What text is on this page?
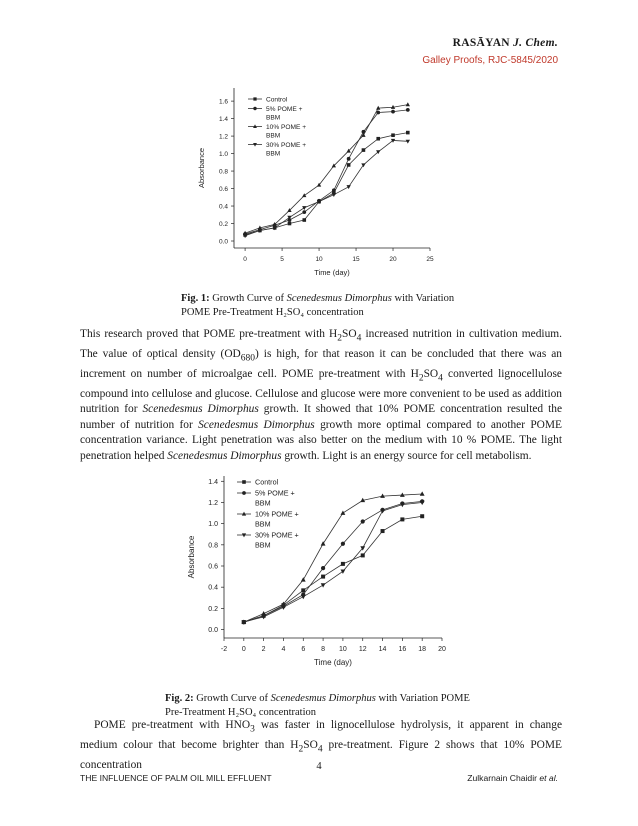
RASĀYAN J. Chem.
Galley Proofs, RJC-5845/2020
0.0
0.2
0.4
0.6
0.8
1.0
1.2
1.4
1.6
0	5	10	15	20	25
Time (day)
Absorbance
Control
5% POME +
BBM
10% POME +
BBM
30% POME +
BBM
Fig. 1: Growth Curve of Scenedesmus Dimorphus with Variation
POME Pre-Treatment H₂SO₄ concentration
This research proved that POME pre-treatment with $H_2SO_4$ increased nutrition in cultivation medium. The value of optical density $(OD_{680})$ is high, for that reason it can be concluded that there was an increment on number of microalgae cell. POME pre-treatment with $H_2SO_4$ converted lignocellulose compound into cellulose and glucose. Cellulose and glucose were more convenient to be used as addition nutrition for Scenedesmus Dimorphus growth. It showed that 10% POME concentration resulted the number of nutrition for Scenedesmus Dimorphus growth more optimal compared to another POME concentration variance. Light penetration was also better on the medium with 10 % POME. The light penetration helped Scenedesmus Dimorphus growth. Light is an energy source for cell metabolism.
0.0
0.2
0.4
0.6
0.8
1.0
1.2
1.4
-2 0 2 4 6 8 10 12 14 16 18 20
Time (day)
Absorbance
Control
5% POME +
BBM
10% POME +
BBM
30% POME +
BBM
Fig. 2: Growth Curve of Scenedesmus Dimorphus with Variation POME
Pre-Treatment H₂SO₄ concentration
POME pre-treatment with $HNO_3$ was faster in lignocellulose hydrolysis, it apparent in change medium colour that become brighter than $H_2SO_4$ pre-treatment. Figure 2 shows that 10% POME concentration	4
THE INFLUENCE OF PALM OIL MILL EFFLUENT	Zulkarnain Chaidir et al.
